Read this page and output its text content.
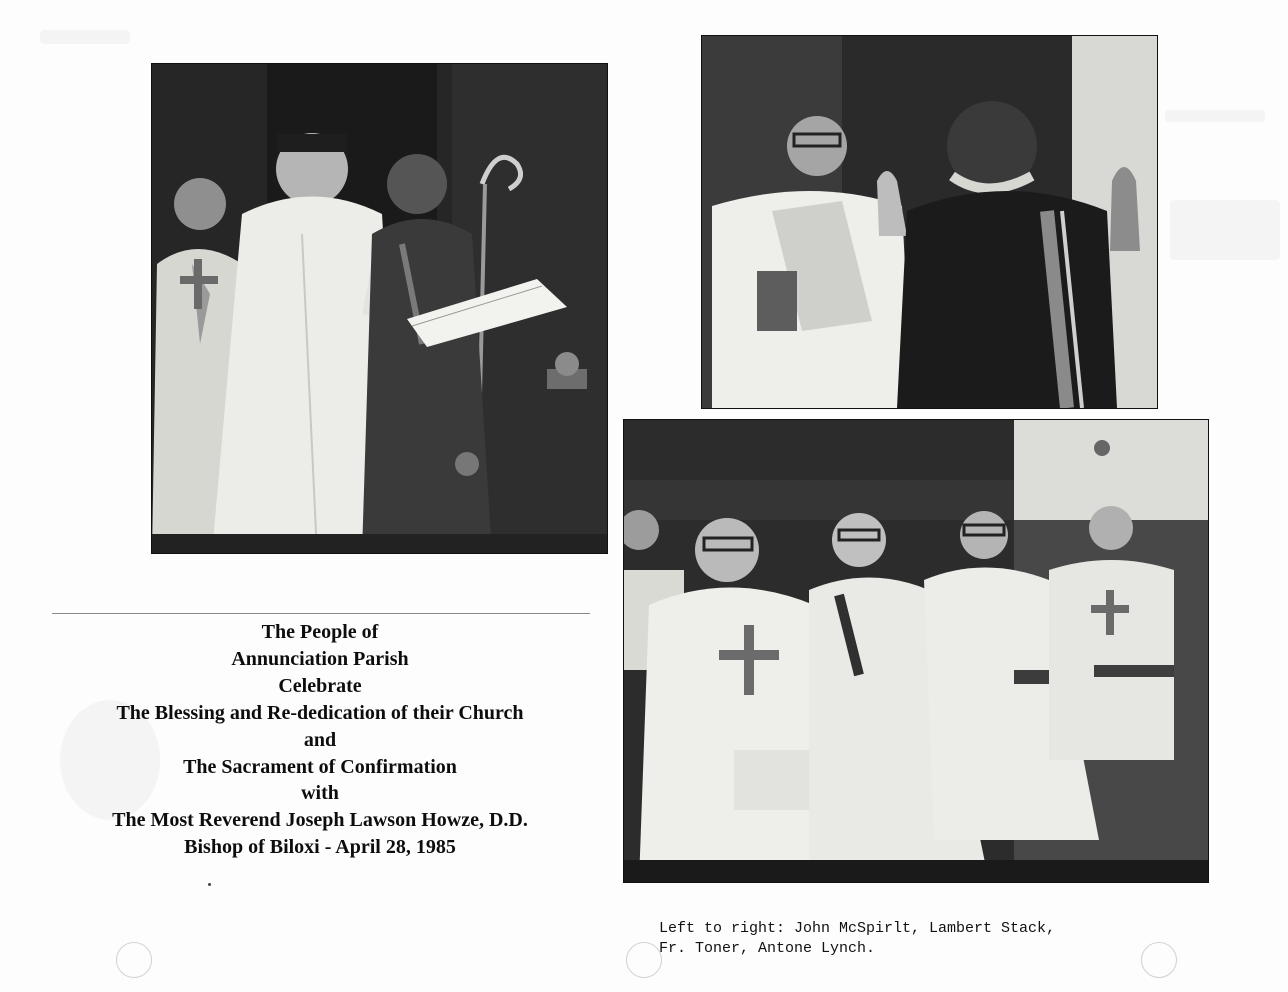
The People of
Annunciation Parish
Celebrate
The Blessing and Re-dedication of their Church
and
The Sacrament of Confirmation
with
The Most Reverend Joseph Lawson Howze, D.D.
Bishop of Biloxi - April 28, 1985
Left to right: John McSpirlt, Lambert Stack,
Fr. Toner, Antone Lynch.
